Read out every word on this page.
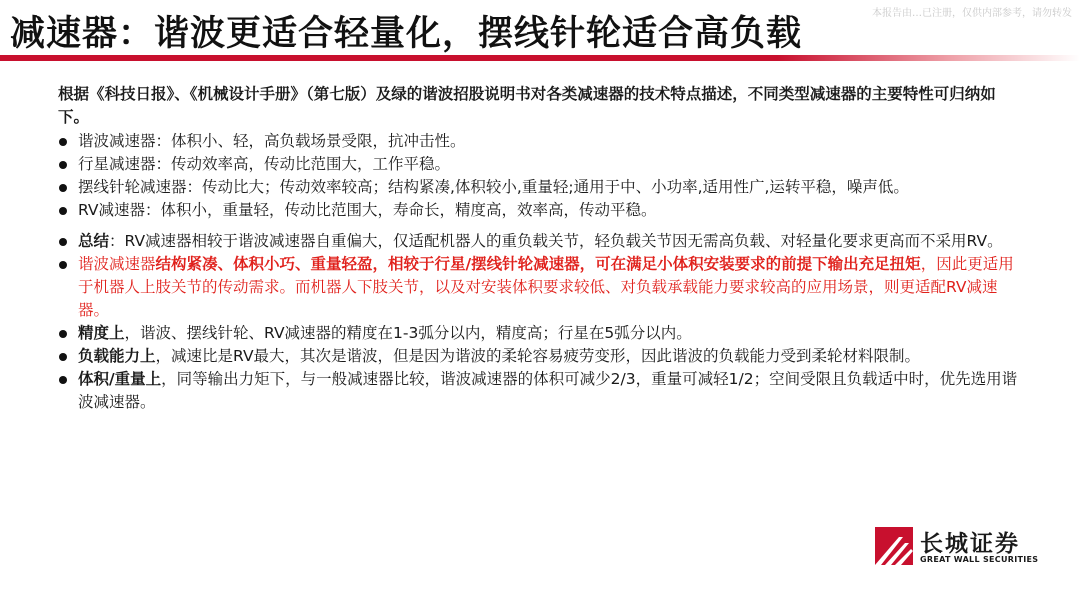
减速器：谐波更适合轻量化，摆线针轮适合高负载
本报告由…已注册，仅供内部参考，请勿转发

根据《科技日报》、《机械设计手册》（第七版）及绿的谐波招股说明书对各类减速器的技术特点描述，不同类型减速器的主要特性可归纳如下。

谐波减速器：体积小、轻，高负载场景受限，抗冲击性。
行星减速器：传动效率高，传动比范围大，工作平稳。
摆线针轮减速器：传动比大；传动效率较高；结构紧凑,体积较小,重量轻;通用于中、小功率,适用性广,运转平稳，噪声低。
RV减速器：体积小，重量轻，传动比范围大，寿命长，精度高，效率高，传动平稳。
总结：RV减速器相较于谐波减速器自重偏大，仅适配机器人的重负载关节，轻负载关节因无需高负载、对轻量化要求更高而不采用RV。
谐波减速器结构紧凑、体积小巧、重量轻盈，相较于行星/摆线针轮减速器，可在满足小体积安装要求的前提下输出充足扭矩，因此更适用于机器人上肢关节的传动需求。而机器人下肢关节，以及对安装体积要求较低、对负载承载能力要求较高的应用场景，则更适配RV减速器。
精度上，谐波、摆线针轮、RV减速器的精度在1-3弧分以内，精度高；行星在5弧分以内。
负载能力上，减速比是RV最大，其次是谐波，但是因为谐波的柔轮容易疲劳变形，因此谐波的负载能力受到柔轮材料限制。
体积/重量上，同等输出力矩下，与一般减速器比较，谐波减速器的体积可减少2/3，重量可减轻1/2；空间受限且负载适中时，优先选用谐波减速器。
长城证券
GREAT WALL SECURITIES
